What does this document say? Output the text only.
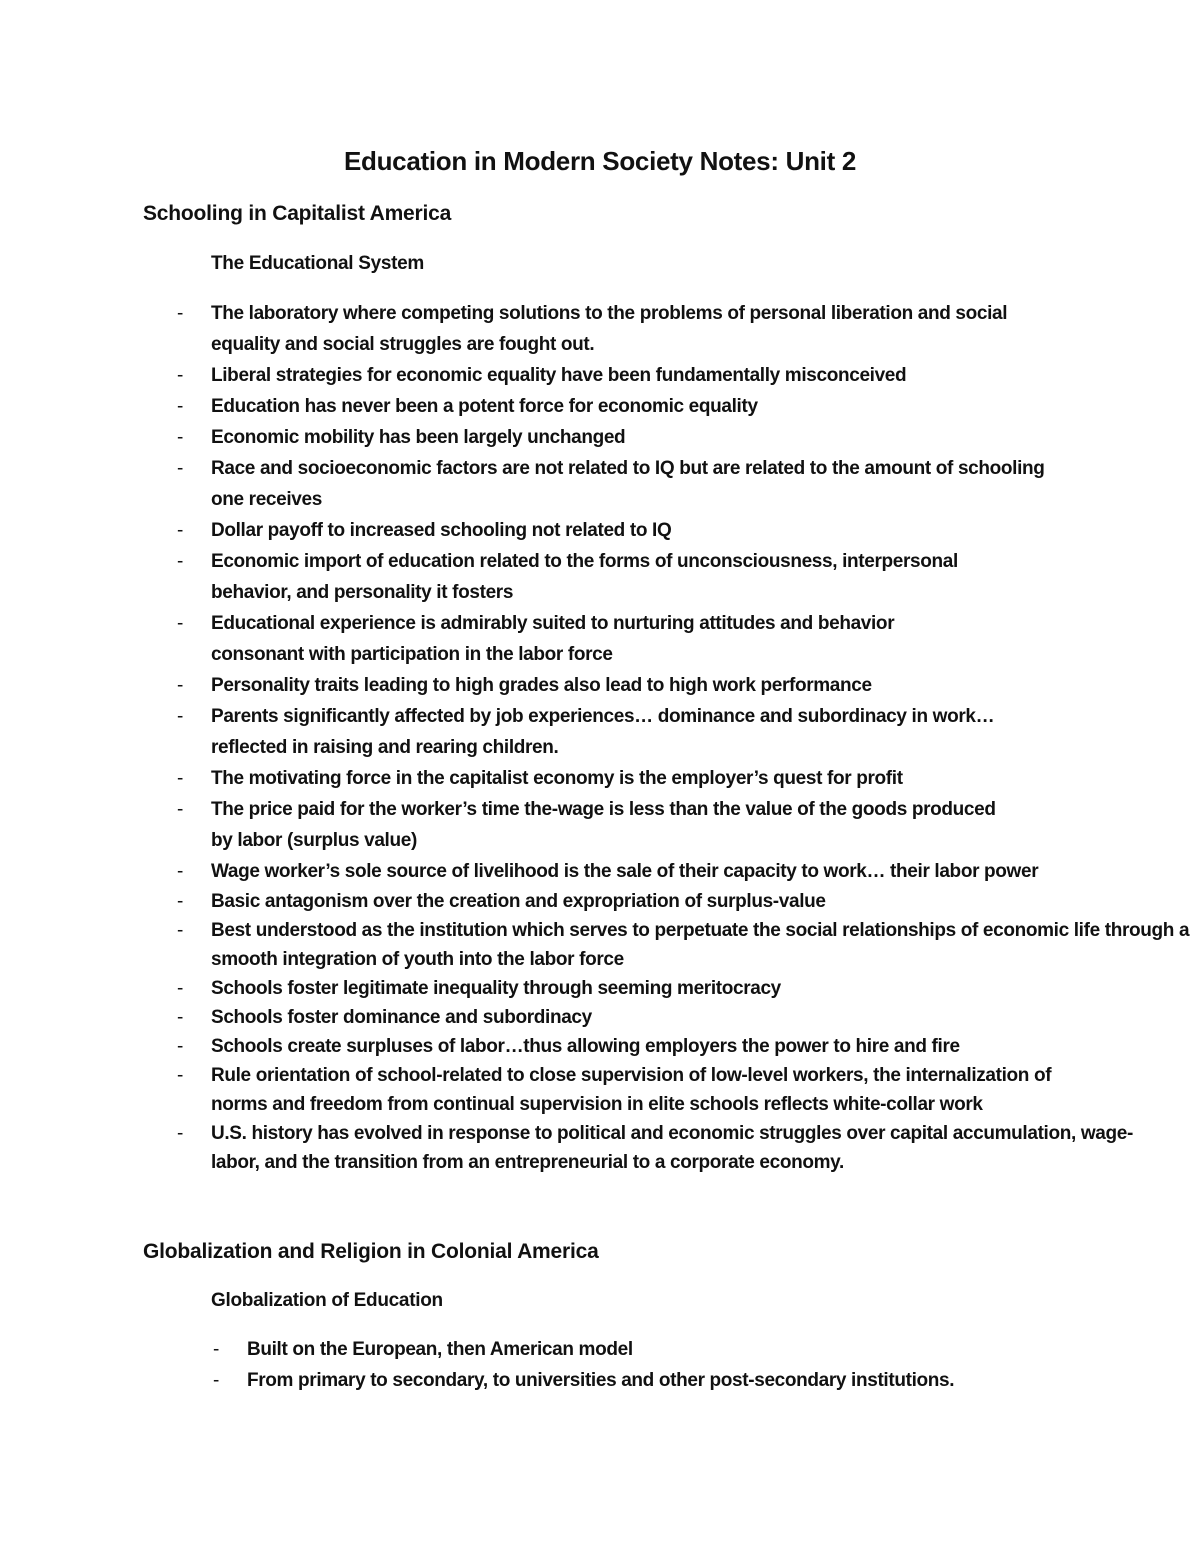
Education in Modern Society Notes: Unit 2
Schooling in Capitalist America
The Educational System
- The laboratory where competing solutions to the problems of personal liberation and social equality and social struggles are fought out.
- Liberal strategies for economic equality have been fundamentally misconceived
- Education has never been a potent force for economic equality
- Economic mobility has been largely unchanged
- Race and socioeconomic factors are not related to IQ but are related to the amount of schooling one receives
- Dollar payoff to increased schooling not related to IQ
- Economic import of education related to the forms of unconsciousness, interpersonal behavior, and personality it fosters
- Educational experience is admirably suited to nurturing attitudes and behavior consonant with participation in the labor force
- Personality traits leading to high grades also lead to high work performance
- Parents significantly affected by job experiences… dominance and subordinacy in work… reflected in raising and rearing children.
- The motivating force in the capitalist economy is the employer’s quest for profit
- The price paid for the worker’s time the-wage is less than the value of the goods produced by labor (surplus value)
- Wage worker’s sole source of livelihood is the sale of their capacity to work… their labor power
- Basic antagonism over the creation and expropriation of surplus-value
- Best understood as the institution which serves to perpetuate the social relationships of economic life through a smooth integration of youth into the labor force
- Schools foster legitimate inequality through seeming meritocracy
- Schools foster dominance and subordinacy
- Schools create surpluses of labor…thus allowing employers the power to hire and fire
- Rule orientation of school-related to close supervision of low-level workers, the internalization of norms and freedom from continual supervision in elite schools reflects white-collar work
- U.S. history has evolved in response to political and economic struggles over capital accumulation, wage-labor, and the transition from an entrepreneurial to a corporate economy.
Globalization and Religion in Colonial America
Globalization of Education
- Built on the European, then American model
- From primary to secondary, to universities and other post-secondary institutions.
